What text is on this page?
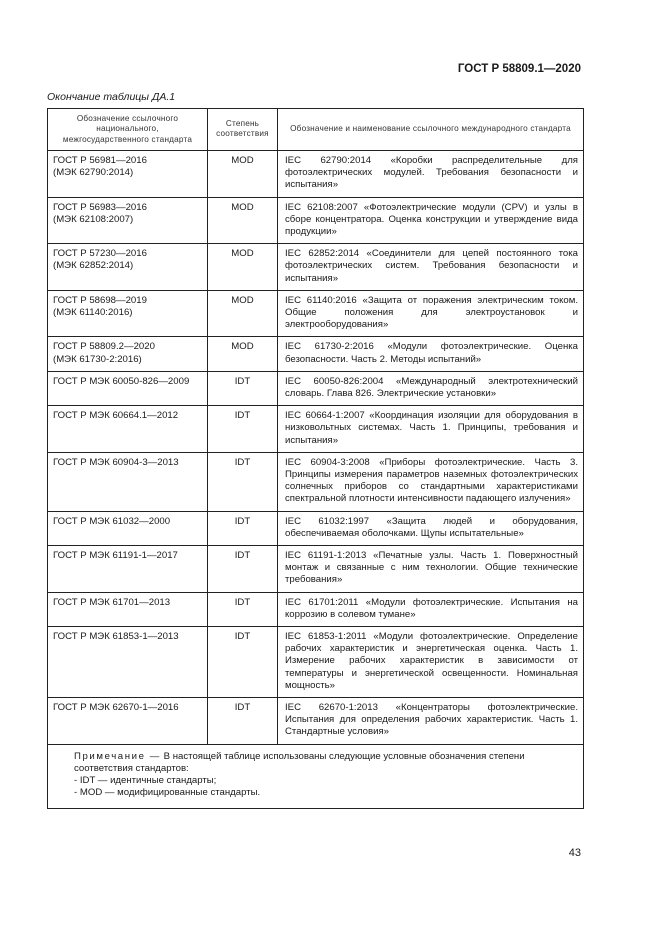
ГОСТ Р 58809.1—2020
Окончание таблицы ДА.1
Обозначение ссылочного национального, межгосударственного стандарта	Степень соответствия	Обозначение и наименование ссылочного международного стандарта

ГОСТ Р 56981—2016
(МЭК 62790:2014)	MOD	IEC 62790:2014 «Коробки распределительные для фотоэлектрических модулей. Требования безопасности и испытания»

ГОСТ Р 56983—2016
(МЭК 62108:2007)	MOD	IEC 62108:2007 «Фотоэлектрические модули (CPV) и узлы в сборе концентратора. Оценка конструкции и утверждение вида продукции»

ГОСТ Р 57230—2016
(МЭК 62852:2014)	MOD	IEC 62852:2014 «Соединители для цепей постоянного тока фотоэлектрических систем. Требования безопасности и испытания»

ГОСТ Р 58698—2019
(МЭК 61140:2016)	MOD	IEC 61140:2016 «Защита от поражения электрическим током. Общие положения для электроустановок и электрооборудования»

ГОСТ Р 58809.2—2020
(МЭК 61730-2:2016)	MOD	IEC 61730-2:2016 «Модули фотоэлектрические. Оценка безопасности. Часть 2. Методы испытаний»

ГОСТ Р МЭК 60050-826—2009	IDT	IEC 60050-826:2004 «Международный электротехнический словарь. Глава 826. Электрические установки»

ГОСТ Р МЭК 60664.1—2012	IDT	IEC 60664-1:2007 «Координация изоляции для оборудования в низковольтных системах. Часть 1. Принципы, требования и испытания»

ГОСТ Р МЭК 60904-3—2013	IDT	IEC 60904-3:2008 «Приборы фотоэлектрические. Часть 3. Принципы измерения параметров наземных фотоэлектрических солнечных приборов со стандартными характеристиками спектральной плотности интенсивности падающего излучения»

ГОСТ Р МЭК 61032—2000	IDT	IEC 61032:1997 «Защита людей и оборудования, обеспечиваемая оболочками. Щупы испытательные»

ГОСТ Р МЭК 61191-1—2017	IDT	IEC 61191-1:2013 «Печатные узлы. Часть 1. Поверхностный монтаж и связанные с ним технологии. Общие технические требования»

ГОСТ Р МЭК 61701—2013	IDT	IEC 61701:2011 «Модули фотоэлектрические. Испытания на коррозию в солевом тумане»

ГОСТ Р МЭК 61853-1—2013	IDT	IEC 61853-1:2011 «Модули фотоэлектрические. Определение рабочих характеристик и энергетическая оценка. Часть 1. Измерение рабочих характеристик в зависимости от температуры и энергетической освещенности. Номинальная мощность»

ГОСТ Р МЭК 62670-1—2016	IDT	IEC 62670-1:2013 «Концентраторы фотоэлектрические. Испытания для определения рабочих характеристик. Часть 1. Стандартные условия»

Примечание — В настоящей таблице использованы следующие условные обозначения степени соответствия стандартов:
- IDT — идентичные стандарты;
- MOD — модифицированные стандарты.		
43
